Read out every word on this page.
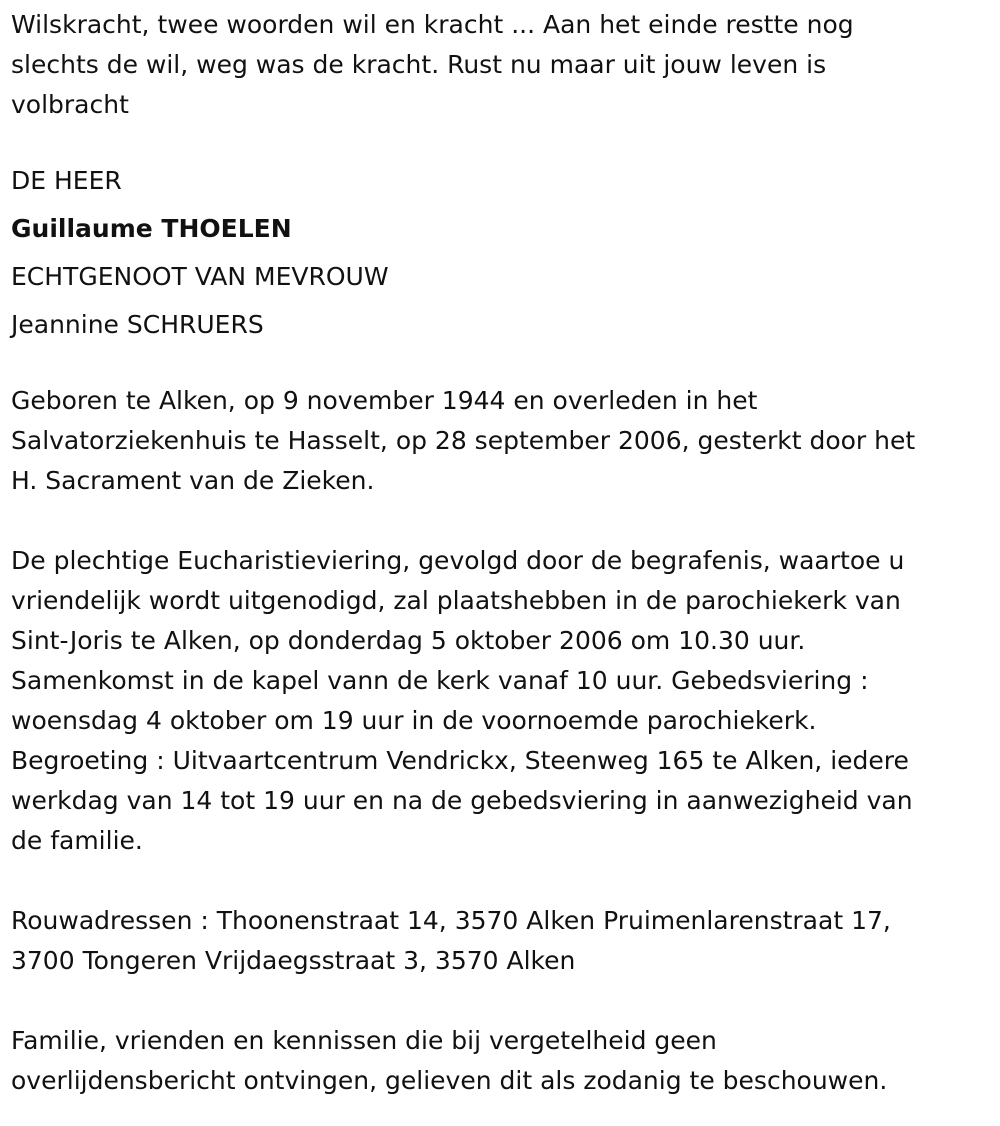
Wilskracht, twee woorden wil en kracht ... Aan het einde restte nog
slechts de wil, weg was de kracht. Rust nu maar uit jouw leven is
volbracht

DE HEER

Guillaume THOELEN

ECHTGENOOT VAN MEVROUW

Jeannine SCHRUERS

Geboren te Alken, op 9 november 1944 en overleden in het
Salvatorziekenhuis te Hasselt, op 28 september 2006, gesterkt door het
H. Sacrament van de Zieken.

De plechtige Eucharistieviering, gevolgd door de begrafenis, waartoe u
vriendelijk wordt uitgenodigd, zal plaatshebben in de parochiekerk van
Sint-Joris te Alken, op donderdag 5 oktober 2006 om 10.30 uur.
Samenkomst in de kapel vann de kerk vanaf 10 uur. Gebedsviering :
woensdag 4 oktober om 19 uur in de voornoemde parochiekerk.
Begroeting : Uitvaartcentrum Vendrickx, Steenweg 165 te Alken, iedere
werkdag van 14 tot 19 uur en na de gebedsviering in aanwezigheid van
de familie.

Rouwadressen : Thoonenstraat 14, 3570 Alken Pruimenlarenstraat 17,
3700 Tongeren Vrijdaegsstraat 3, 3570 Alken

Familie, vrienden en kennissen die bij vergetelheid geen
overlijdensbericht ontvingen, gelieven dit als zodanig te beschouwen.
